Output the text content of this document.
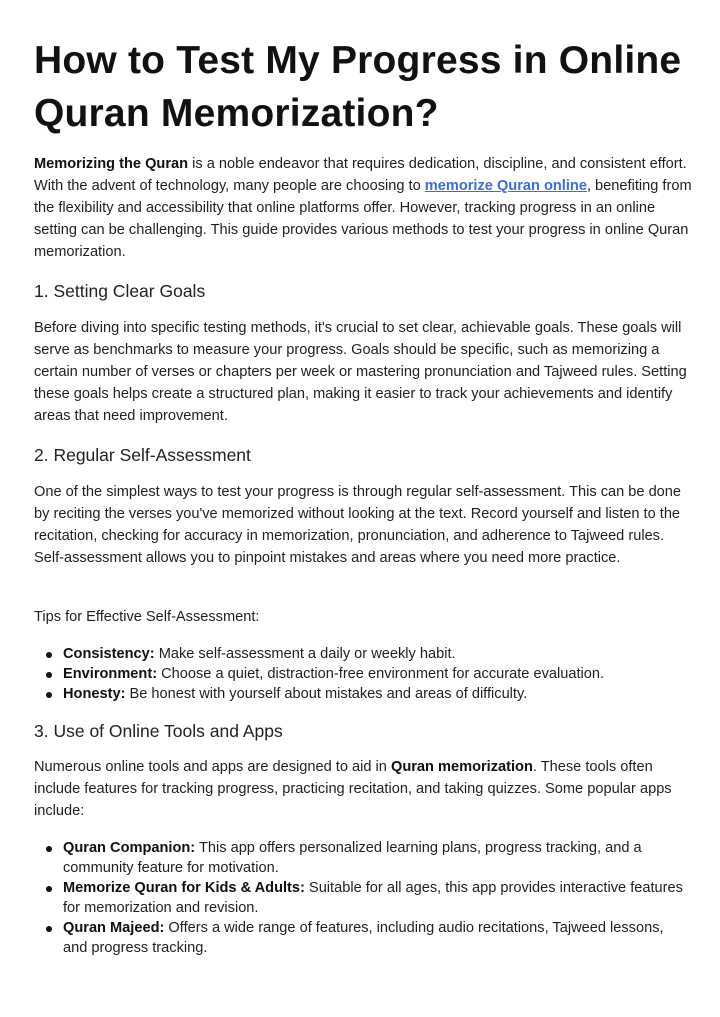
How to Test My Progress in Online Quran Memorization?

Memorizing the Quran is a noble endeavor that requires dedication, discipline, and consistent effort. With the advent of technology, many people are choosing to memorize Quran online, benefiting from the flexibility and accessibility that online platforms offer. However, tracking progress in an online setting can be challenging. This guide provides various methods to test your progress in online Quran memorization.

1. Setting Clear Goals

Before diving into specific testing methods, it's crucial to set clear, achievable goals. These goals will serve as benchmarks to measure your progress. Goals should be specific, such as memorizing a certain number of verses or chapters per week or mastering pronunciation and Tajweed rules. Setting these goals helps create a structured plan, making it easier to track your achievements and identify areas that need improvement.

2. Regular Self-Assessment

One of the simplest ways to test your progress is through regular self-assessment. This can be done by reciting the verses you've memorized without looking at the text. Record yourself and listen to the recitation, checking for accuracy in memorization, pronunciation, and adherence to Tajweed rules. Self-assessment allows you to pinpoint mistakes and areas where you need more practice.

Tips for Effective Self-Assessment:

Consistency: Make self-assessment a daily or weekly habit.
Environment: Choose a quiet, distraction-free environment for accurate evaluation.
Honesty: Be honest with yourself about mistakes and areas of difficulty.
3. Use of Online Tools and Apps

Numerous online tools and apps are designed to aid in Quran memorization. These tools often include features for tracking progress, practicing recitation, and taking quizzes. Some popular apps include:

Quran Companion: This app offers personalized learning plans, progress tracking, and a community feature for motivation.
Memorize Quran for Kids & Adults: Suitable for all ages, this app provides interactive features for memorization and revision.
Quran Majeed: Offers a wide range of features, including audio recitations, Tajweed lessons, and progress tracking.
